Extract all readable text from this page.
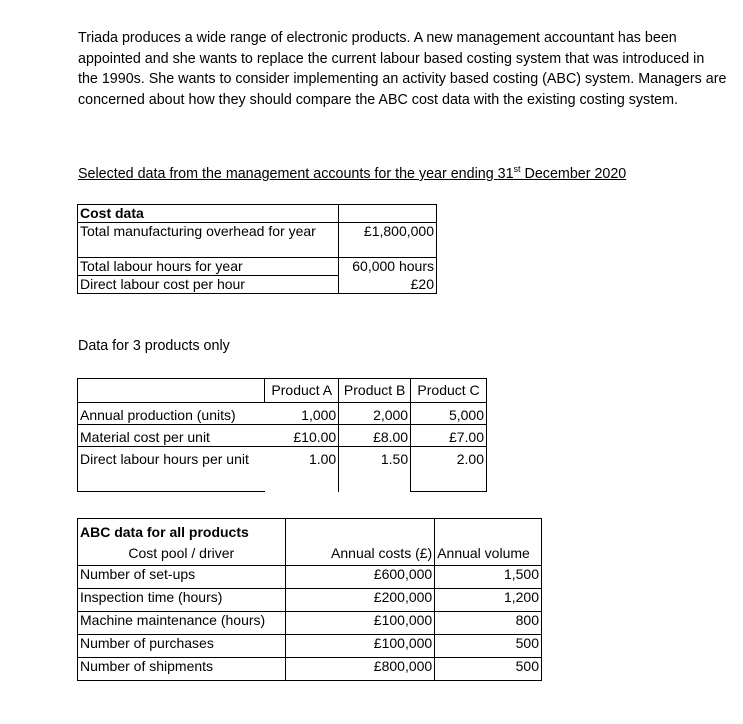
Triada produces a wide range of electronic products. A new management accountant has been appointed and she wants to replace the current labour based costing system that was introduced in the 1990s. She wants to consider implementing an activity based costing (ABC) system. Managers are concerned about how they should compare the ABC cost data with the existing costing system.

Selected data from the management accounts for the year ending 31st December 2020
Cost data	
Total manufacturing overhead for year	£1,800,000
Total labour hours for year	60,000 hours
Direct labour cost per hour	£20
Data for 3 products only
	Product A	Product B	Product C
Annual production (units)	1,000	2,000	5,000
Material cost per unit	£10.00	£8.00	£7.00
Direct labour hours per unit	1.00	1.50	2.00
ABC data for all products		
Cost pool / driver	Annual costs (£)	Annual volume
Number of set-ups	£600,000	1,500
Inspection time (hours)	£200,000	1,200
Machine maintenance (hours)	£100,000	800
Number of purchases	£100,000	500
Number of shipments	£800,000	500
